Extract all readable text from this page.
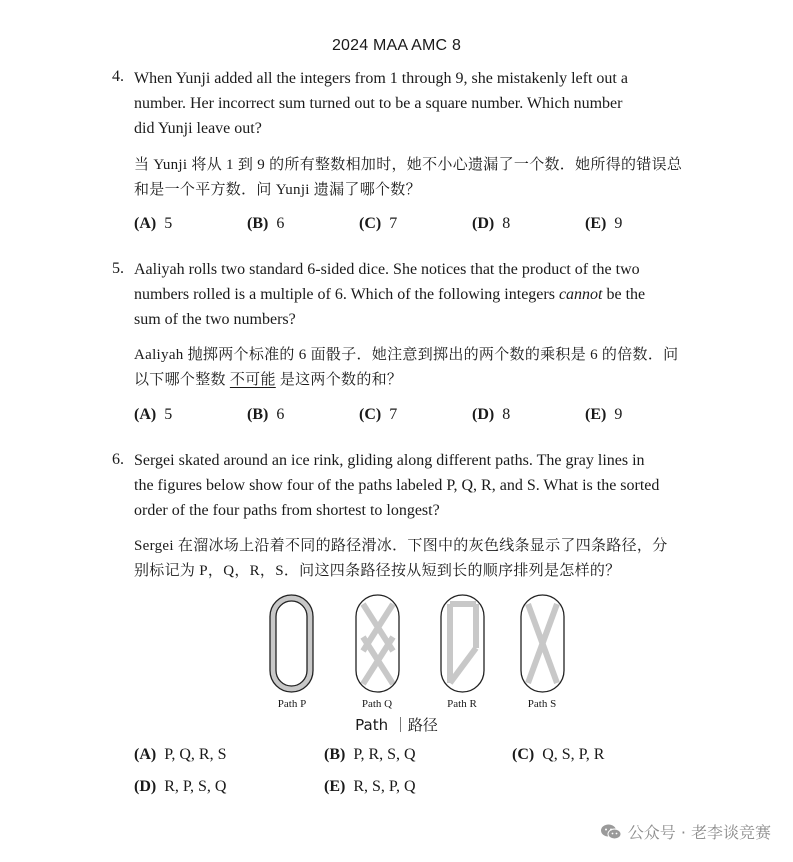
2024 MAA AMC 8
4. When Yunji added all the integers from 1 through 9, she mistakenly left out a
number. Her incorrect sum turned out to be a square number. Which number
did Yunji leave out?
当 Yunji 将从 1 到 9 的所有整数相加时，她不小心遗漏了一个数．她所得的错误总
和是一个平方数．问 Yunji 遗漏了哪个数？
(A) 5	(B) 6	(C) 7	(D) 8	(E) 9
5. Aaliyah rolls two standard 6-sided dice. She notices that the product of the two
numbers rolled is a multiple of 6. Which of the following integers cannot be the
sum of the two numbers?
Aaliyah 抛掷两个标准的 6 面骰子．她注意到掷出的两个数的乘积是 6 的倍数．问
以下哪个整数 不可能 是这两个数的和？
(A) 5	(B) 6	(C) 7	(D) 8	(E) 9
6. Sergei skated around an ice rink, gliding along different paths. The gray lines in
the figures below show four of the paths labeled P, Q, R, and S. What is the sorted
order of the four paths from shortest to longest?
Sergei 在溜冰场上沿着不同的路径滑冰．下图中的灰色线条显示了四条路径，分
别标记为 P，Q，R，S．问这四条路径按从短到长的顺序排列是怎样的？
Path P	Path Q	Path R	Path S
Path ｜路径
(A) P, Q, R, S	(B) P, R, S, Q	(C) Q, S, P, R
(D) R, P, S, Q	(E) R, S, P, Q
公众号 · 老李谈竞赛
